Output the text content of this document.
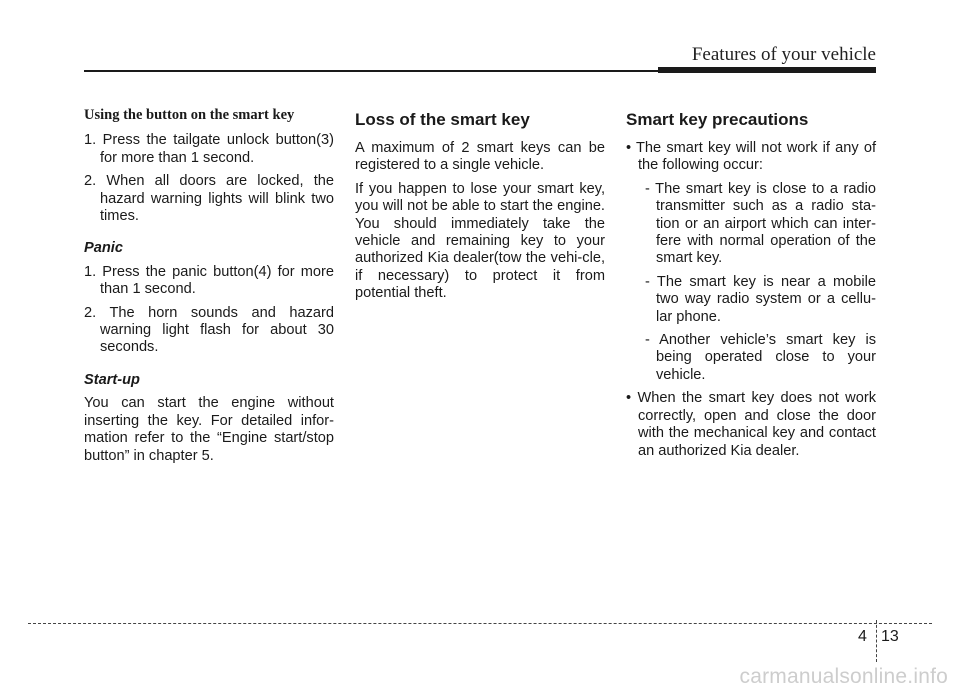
Features of your vehicle
Using the button on the smart key
1. Press the tailgate unlock button(3) for more than 1 second.
2. When all doors are locked, the hazard warning lights will blink two times.
Panic
1. Press the panic button(4) for more than 1 second.
2. The horn sounds and hazard warning light flash for about 30 seconds.
Start-up

You can start the engine without inserting the key. For detailed infor-mation refer to the “Engine start/stop button” in chapter 5.

Loss of the smart key

A maximum of 2 smart keys can be registered to a single vehicle.

If you happen to lose your smart key, you will not be able to start the engine. You should immediately take the vehicle and remaining key to your authorized Kia dealer(tow the vehi-cle, if necessary) to protect it from potential theft.

Smart key precautions
• The smart key will not work if any of the following occur:
- The smart key is close to a radio transmitter such as a radio sta-tion or an airport which can inter-fere with normal operation of the smart key.
- The smart key is near a mobile two way radio system or a cellu-lar phone.
- Another vehicle’s smart key is being operated close to your vehicle.
• When the smart key does not work correctly, open and close the door with the mechanical key and contact an authorized Kia dealer.
4 13
carmanualsonline.info
